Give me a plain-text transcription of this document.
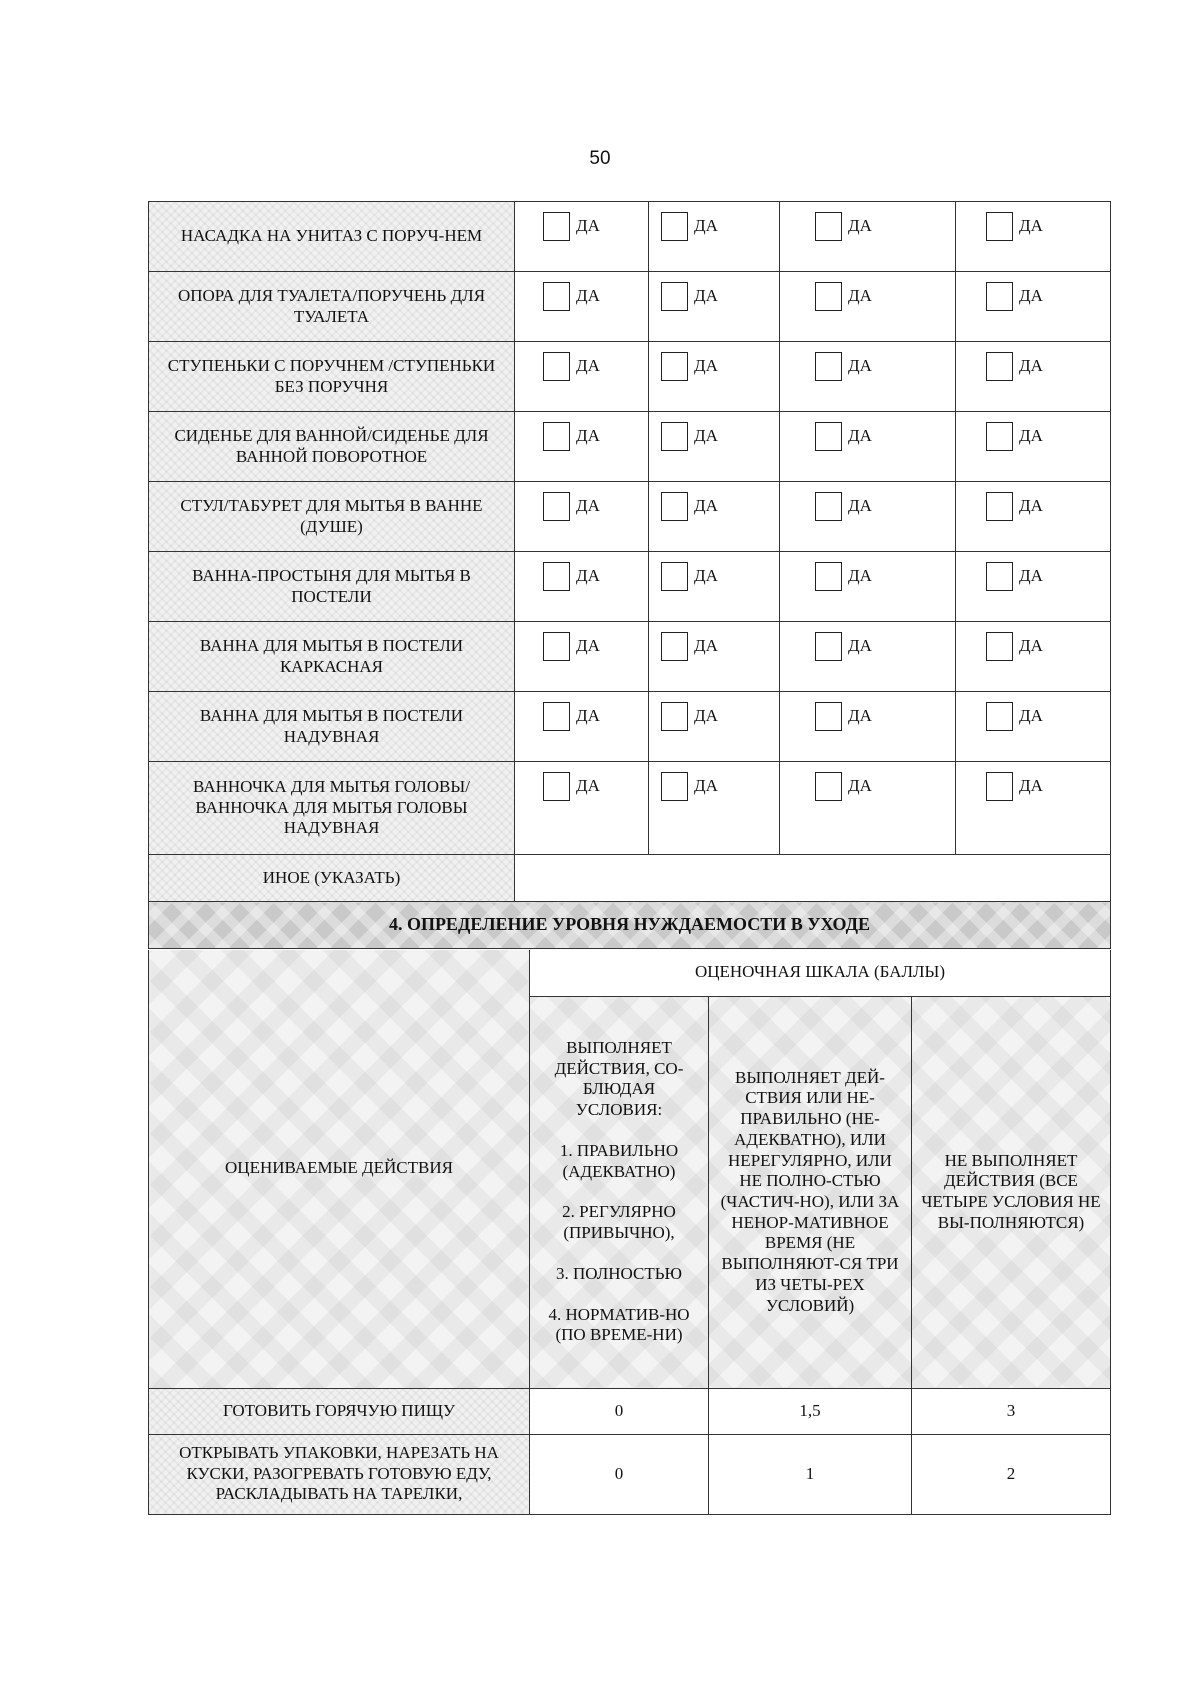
50
НАСАДКА НА УНИТАЗ С ПОРУЧ-НЕМ	ДА	ДА	ДА	ДА

ОПОРА ДЛЯ ТУАЛЕТА/ПОРУЧЕНЬ ДЛЯ ТУАЛЕТА	ДА	ДА	ДА	ДА

СТУПЕНЬКИ С ПОРУЧНЕМ /СТУПЕНЬКИ БЕЗ ПОРУЧНЯ	ДА	ДА	ДА	ДА

СИДЕНЬЕ ДЛЯ ВАННОЙ/СИДЕНЬЕ ДЛЯ ВАННОЙ ПОВОРОТНОЕ	ДА	ДА	ДА	ДА

СТУЛ/ТАБУРЕТ ДЛЯ МЫТЬЯ В ВАННЕ (ДУШЕ)	ДА	ДА	ДА	ДА

ВАННА-ПРОСТЫНЯ ДЛЯ МЫТЬЯ В ПОСТЕЛИ	ДА	ДА	ДА	ДА

ВАННА ДЛЯ МЫТЬЯ В ПОСТЕЛИ КАРКАСНАЯ	ДА	ДА	ДА	ДА

ВАННА ДЛЯ МЫТЬЯ В ПОСТЕЛИ НАДУВНАЯ	ДА	ДА	ДА	ДА

ВАННОЧКА ДЛЯ МЫТЬЯ ГОЛОВЫ/ ВАННОЧКА ДЛЯ МЫТЬЯ ГОЛОВЫ НАДУВНАЯ	ДА	ДА	ДА	ДА

ИНОЕ (УКАЗАТЬ)				
4. ОПРЕДЕЛЕНИЕ УРОВНЯ НУЖДАЕМОСТИ В УХОДЕ				
ОЦЕНИВАЕМЫЕ ДЕЙСТВИЯ	ОЦЕНОЧНАЯ ШКАЛА (БАЛЛЫ)		

	ВЫПОЛНЯЕТ ДЕЙСТВИЯ, СО-БЛЮДАЯ УСЛОВИЯ:
1. ПРАВИЛЬНО (АДЕКВАТНО)
2. РЕГУЛЯРНО (ПРИВЫЧНО),
3. ПОЛНОСТЬЮ
4. НОРМАТИВ-НО (ПО ВРЕМЕ-НИ)	ВЫПОЛНЯЕТ ДЕЙ-СТВИЯ ИЛИ НЕ-ПРАВИЛЬНО (НЕ-АДЕКВАТНО), ИЛИ НЕРЕГУЛЯРНО, ИЛИ НЕ ПОЛНО-СТЬЮ (ЧАСТИЧ-НО), ИЛИ ЗА НЕНОР-МАТИВНОЕ ВРЕМЯ (НЕ ВЫПОЛНЯЮТ-СЯ ТРИ ИЗ ЧЕТЫ-РЕХ УСЛОВИЙ)	НЕ ВЫПОЛНЯЕТ ДЕЙСТВИЯ (ВСЕ ЧЕТЫРЕ УСЛОВИЯ НЕ ВЫ-ПОЛНЯЮТСЯ)
ГОТОВИТЬ ГОРЯЧУЮ ПИЩУ	0	1,5	3
ОТКРЫВАТЬ УПАКОВКИ, НАРЕЗАТЬ НА КУСКИ, РАЗОГРЕВАТЬ ГОТОВУЮ ЕДУ, РАСКЛАДЫВАТЬ НА ТАРЕЛКИ,	0	1	2
